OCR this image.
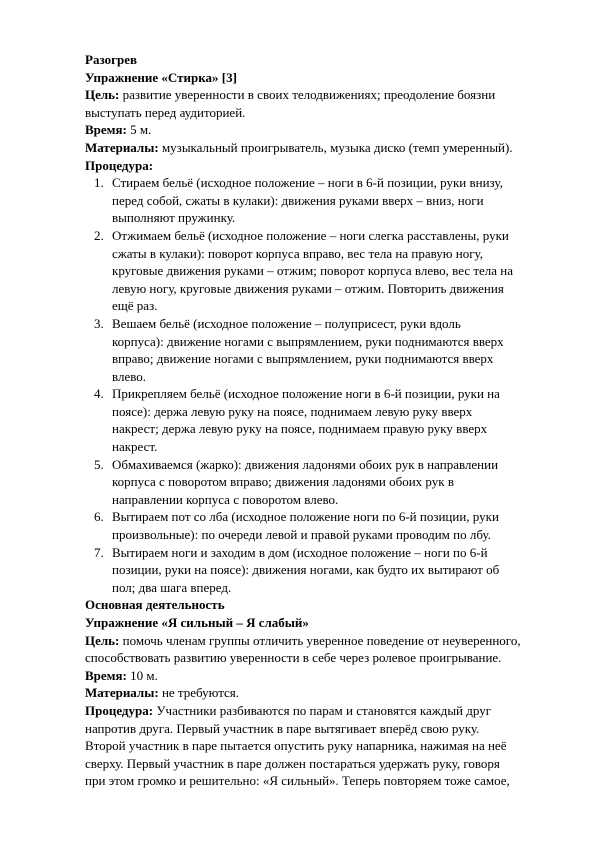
Разогрев
Упражнение «Стирка» [3]
Цель: развитие уверенности в своих телодвижениях; преодоление боязни
выступать перед аудиторией.
Время: 5 м.
Материалы: музыкальный проигрыватель, музыка диско (темп умеренный).
Процедура:
1. Стираем бельё (исходное положение – ноги в 6-й позиции, руки внизу,
перед собой, сжаты в кулаки): движения руками вверх – вниз, ноги
выполняют пружинку.
2. Отжимаем бельё (исходное положение – ноги слегка расставлены, руки
сжаты в кулаки): поворот корпуса вправо, вес тела на правую ногу,
круговые движения руками – отжим; поворот корпуса влево, вес тела на
левую ногу, круговые движения руками – отжим. Повторить движения
ещё раз.
3. Вешаем бельё (исходное положение – полуприсест, руки вдоль
корпуса): движение ногами с выпрямлением, руки поднимаются вверх
вправо; движение ногами с выпрямлением, руки поднимаются вверх
влево.
4. Прикрепляем бельё (исходное положение ноги в 6-й позиции, руки на
поясе): держа левую руку на поясе, поднимаем левую руку вверх
накрест; держа левую руку на поясе, поднимаем правую руку вверх
накрест.
5. Обмахиваемся (жарко): движения ладонями обоих рук в направлении
корпуса с поворотом вправо; движения ладонями обоих рук в
направлении корпуса с поворотом влево.
6. Вытираем пот со лба (исходное положение ноги по 6-й позиции, руки
произвольные): по очереди левой и правой руками проводим по лбу.
7. Вытираем ноги и заходим в дом (исходное положение – ноги по 6-й
позиции, руки на поясе): движения ногами, как будто их вытирают об
пол; два шага вперед.
Основная деятельность
Упражнение «Я сильный – Я слабый»
Цель: помочь членам группы отличить уверенное поведение от неуверенного,
способствовать развитию уверенности в себе через ролевое проигрывание.
Время: 10 м.
Материалы: не требуются.
Процедура: Участники разбиваются по парам и становятся каждый друг
напротив друга. Первый участник в паре вытягивает вперёд свою руку.
Второй участник в паре пытается опустить руку напарника, нажимая на неё
сверху. Первый участник в паре должен постараться удержать руку, говоря
при этом громко и решительно: «Я сильный». Теперь повторяем тоже самое,
